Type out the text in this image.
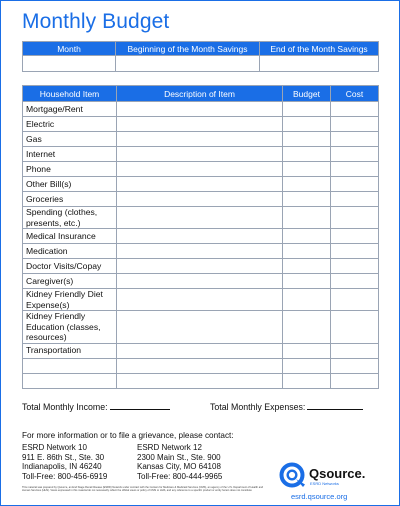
Monthly Budget
Month	Beginning of the Month Savings	End of the Month Savings

Household Item	Description of Item	Budget	Cost
Mortgage/Rent			
Electric			
Gas			
Internet			
Phone			
Other Bill(s)			
Groceries			
Spending (clothes, presents, etc.)			
Medical Insurance			
Medication			
Doctor Visits/Copay			
Caregiver(s)			
Kidney Friendly Diet Expense(s)			
Kidney Friendly Education (classes, resources)			
Transportation			

Total Monthly Income:	Total Monthly Expenses:
For more information or to file a grievance, please contact:
ESRD Network 10
911 E. 86th St., Ste. 30
Indianapolis, IN 46240
Toll-Free: 800-456-6919
ESRD Network 12
2300 Main St., Ste. 900
Kansas City, MO 64108
Toll-Free: 800-444-9965
This material was prepared by Qsource, an End Stage Renal Disease (ESRD) Network under contract with the Centers for Medicare & Medicaid Services (CMS), an agency of the U.S. Department of Health and Human Services (HHS). Views expressed in this material do not necessarily reflect the official views or policy of CMS or HHS, and any reference to a specific product or entity herein does not constitute
Qsource.
ESRD Networks
esrd.qsource.org
